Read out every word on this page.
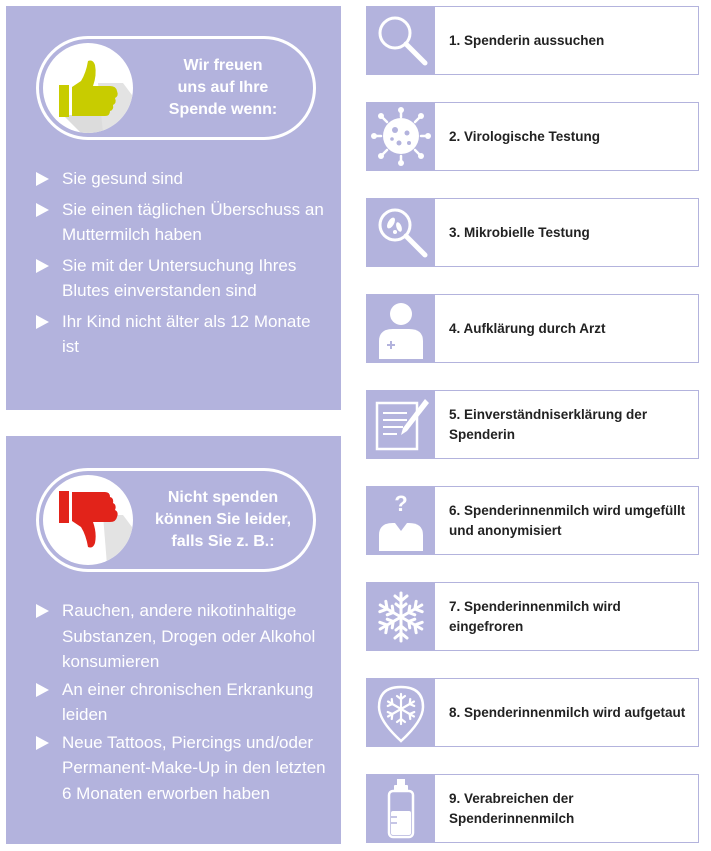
Wir freuen
uns auf Ihre
Spende wenn:
Sie gesund sind
Sie einen täglichen Überschuss an Muttermilch haben
Sie mit der Untersuchung Ihres Blutes einverstanden sind
Ihr Kind nicht älter als 12 Monate ist
Nicht spenden
können Sie leider,
falls Sie z. B.:
Rauchen, andere nikotinhaltige Substanzen, Drogen oder Alkohol konsumieren
An einer chronischen Erkrankung leiden
Neue Tattoos, Piercings und/oder Permanent-Make-Up in den letzten 6 Monaten erworben haben
1. Spenderin aussuchen
2. Virologische Testung
3. Mikrobielle Testung
4. Aufklärung durch Arzt
5. Einverständniserklärung der Spenderin
?	6. Spenderinnenmilch wird umgefüllt
und anonymisiert
7. Spenderinnenmilch wird eingefroren
8. Spenderinnenmilch wird aufgetaut
9. Verabreichen der Spenderinnenmilch
